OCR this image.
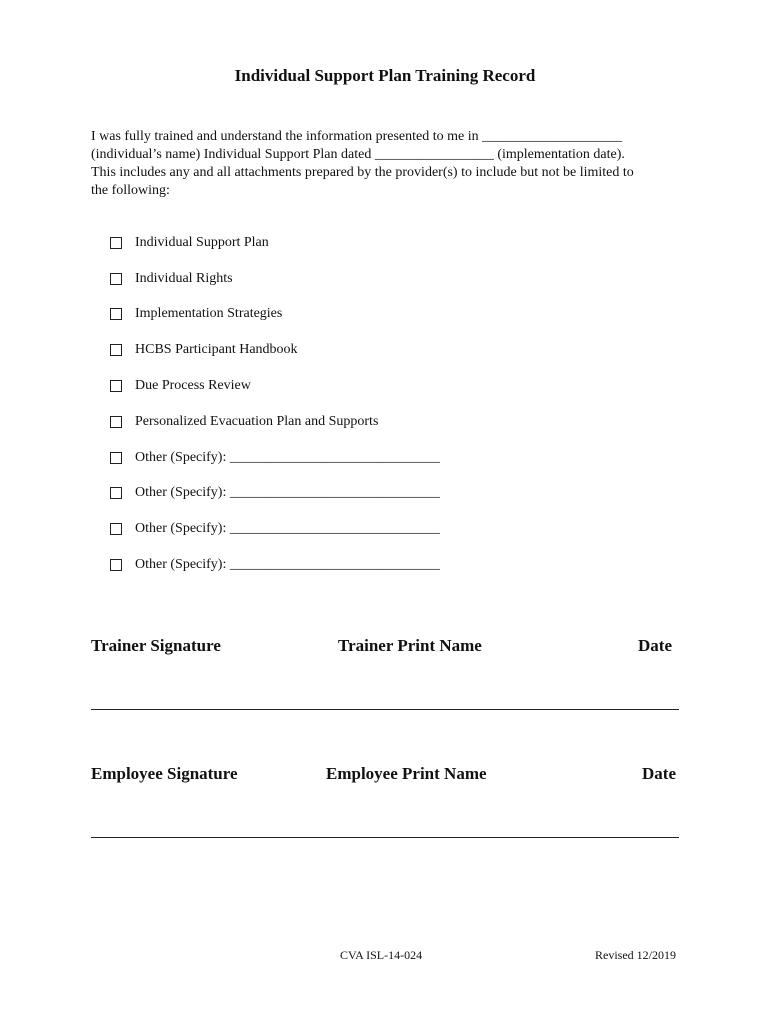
Individual Support Plan Training Record

I was fully trained and understand the information presented to me in ____________________

(individual’s name) Individual Support Plan dated _________________ (implementation date).

This includes any and all attachments prepared by the provider(s) to include but not be limited to

the following:

Individual Support Plan
Individual Rights
Implementation Strategies
HCBS Participant Handbook
Due Process Review
Personalized Evacuation Plan and Supports
Other (Specify): ______________________________
Other (Specify): ______________________________
Other (Specify): ______________________________
Other (Specify): ______________________________
Trainer Signature	Trainer Print Name	Date
Employee Signature	Employee Print Name	Date
CVA ISL-14-024	Revised 12/2019
